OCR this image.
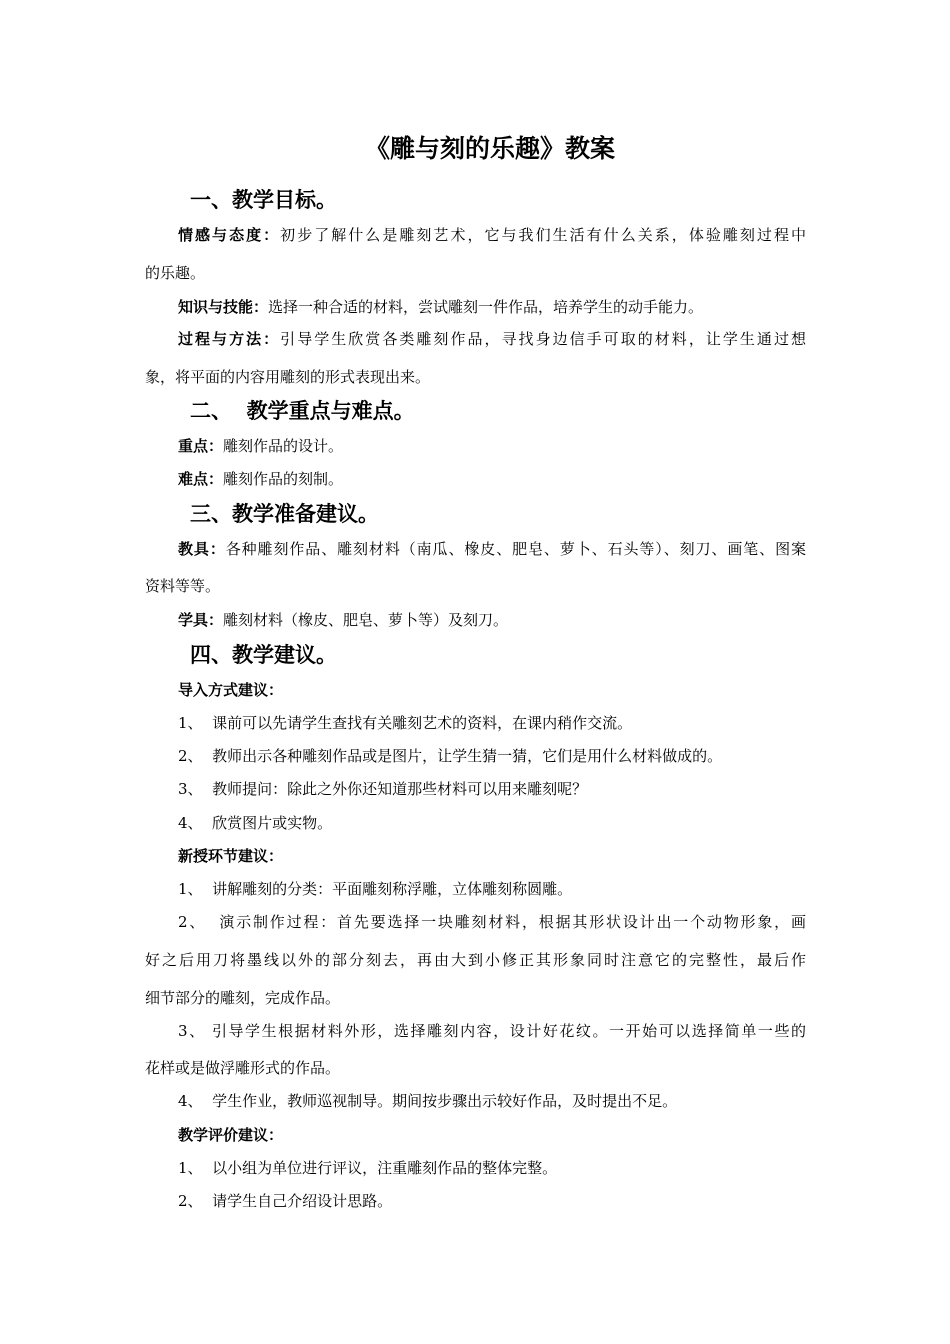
《雕与刻的乐趣》教案
一、教学目标。
情感与态度：初步了解什么是雕刻艺术，它与我们生活有什么关系，体验雕刻过程中
的乐趣。
知识与技能：选择一种合适的材料，尝试雕刻一件作品，培养学生的动手能力。
过程与方法：引导学生欣赏各类雕刻作品，寻找身边信手可取的材料，让学生通过想
象，将平面的内容用雕刻的形式表现出来。
二、  教学重点与难点。
重点：雕刻作品的设计。
难点：雕刻作品的刻制。
三、教学准备建议。
教具：各种雕刻作品、雕刻材料（南瓜、橡皮、肥皂、萝卜、石头等）、刻刀、画笔、图案
资料等等。
学具：雕刻材料（橡皮、肥皂、萝卜等）及刻刀。
四、教学建议。
导入方式建议：
1、  课前可以先请学生查找有关雕刻艺术的资料，在课内稍作交流。
2、  教师出示各种雕刻作品或是图片，让学生猜一猜，它们是用什么材料做成的。
3、  教师提问：除此之外你还知道那些材料可以用来雕刻呢？
4、  欣赏图片或实物。
新授环节建议：
1、  讲解雕刻的分类：平面雕刻称浮雕，立体雕刻称圆雕。
2、  演示制作过程：首先要选择一块雕刻材料，根据其形状设计出一个动物形象，画
好之后用刀将墨线以外的部分刻去，再由大到小修正其形象同时注意它的完整性，最后作
细节部分的雕刻，完成作品。
3、 引导学生根据材料外形，选择雕刻内容，设计好花纹。一开始可以选择简单一些的
花样或是做浮雕形式的作品。
4、  学生作业，教师巡视制导。期间按步骤出示较好作品，及时提出不足。
教学评价建议：
1、  以小组为单位进行评议，注重雕刻作品的整体完整。
2、  请学生自己介绍设计思路。
